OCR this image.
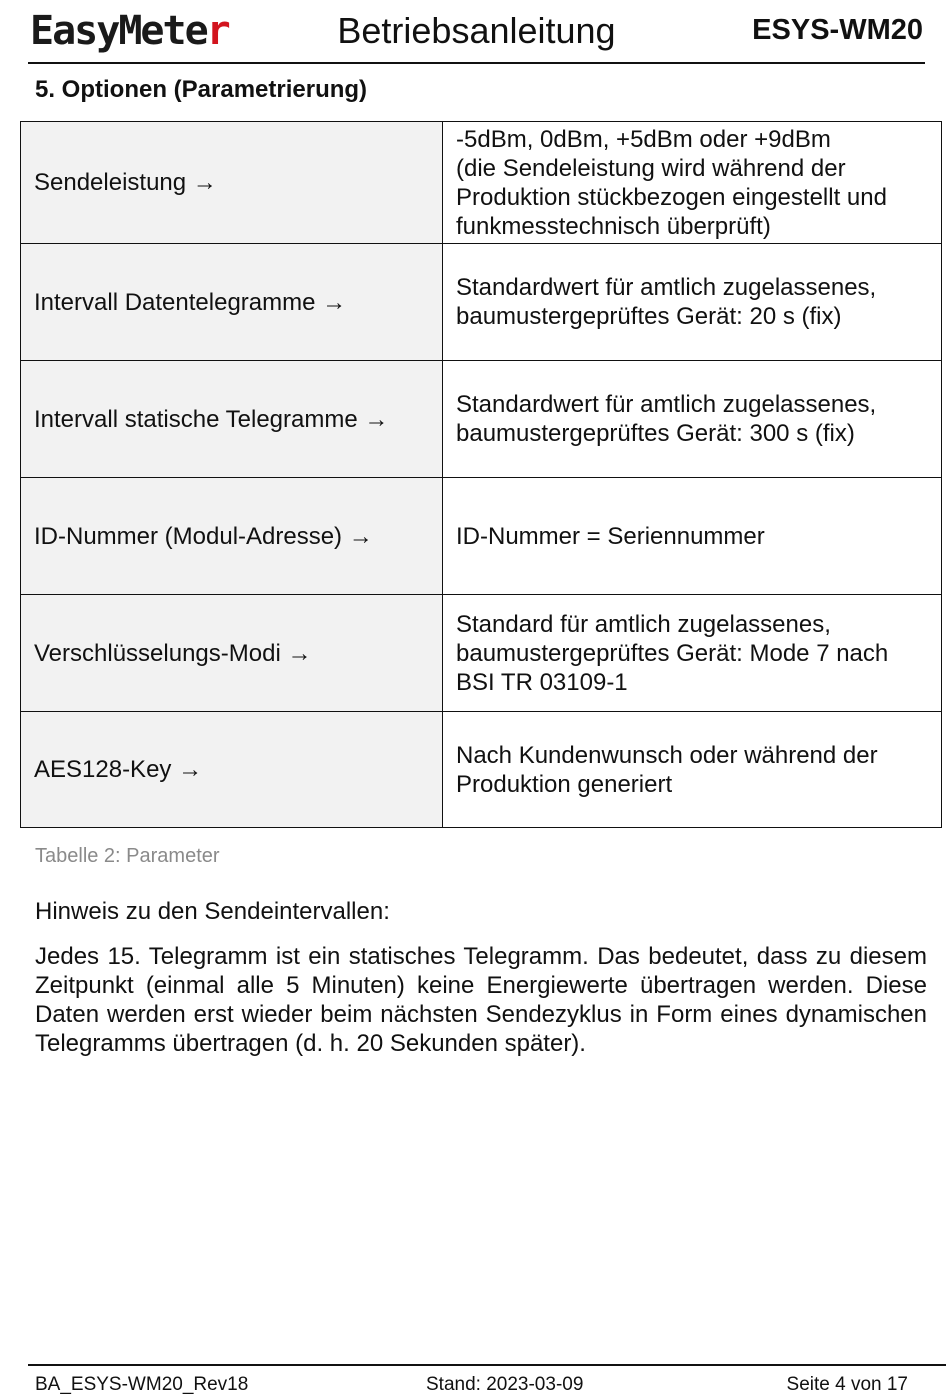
EasyMeter	Betriebsanleitung	ESYS-WM20
5. Optionen (Parametrierung)
Sendeleistung →	-5dBm, 0dBm, +5dBm oder +9dBm
(die Sendeleistung wird während der
Produktion stückbezogen eingestellt und
funkmesstechnisch überprüft)

Intervall Datentelegramme →	Standardwert für amtlich zugelassenes,
baumustergeprüftes Gerät: 20 s (fix)

Intervall statische Telegramme →	Standardwert für amtlich zugelassenes,
baumustergeprüftes Gerät: 300 s (fix)

ID-Nummer (Modul-Adresse) →	ID-Nummer = Seriennummer

Verschlüsselungs-Modi →	Standard für amtlich zugelassenes,
baumustergeprüftes Gerät: Mode 7 nach
BSI TR 03109-1

AES128-Key →	Nach Kundenwunsch oder während der
Produktion generiert
Tabelle 2: Parameter
Hinweis zu den Sendeintervallen:

Jedes 15. Telegramm ist ein statisches Telegramm. Das bedeutet, dass zu diesem Zeitpunkt (einmal alle 5 Minuten) keine Energiewerte übertragen werden. Diese Daten werden erst wieder beim nächsten Sendezyklus in Form eines dynamischen Telegramms übertragen (d. h. 20 Sekunden später).

BA_ESYS-WM20_Rev18	Stand: 2023-03-09	Seite 4 von 17
